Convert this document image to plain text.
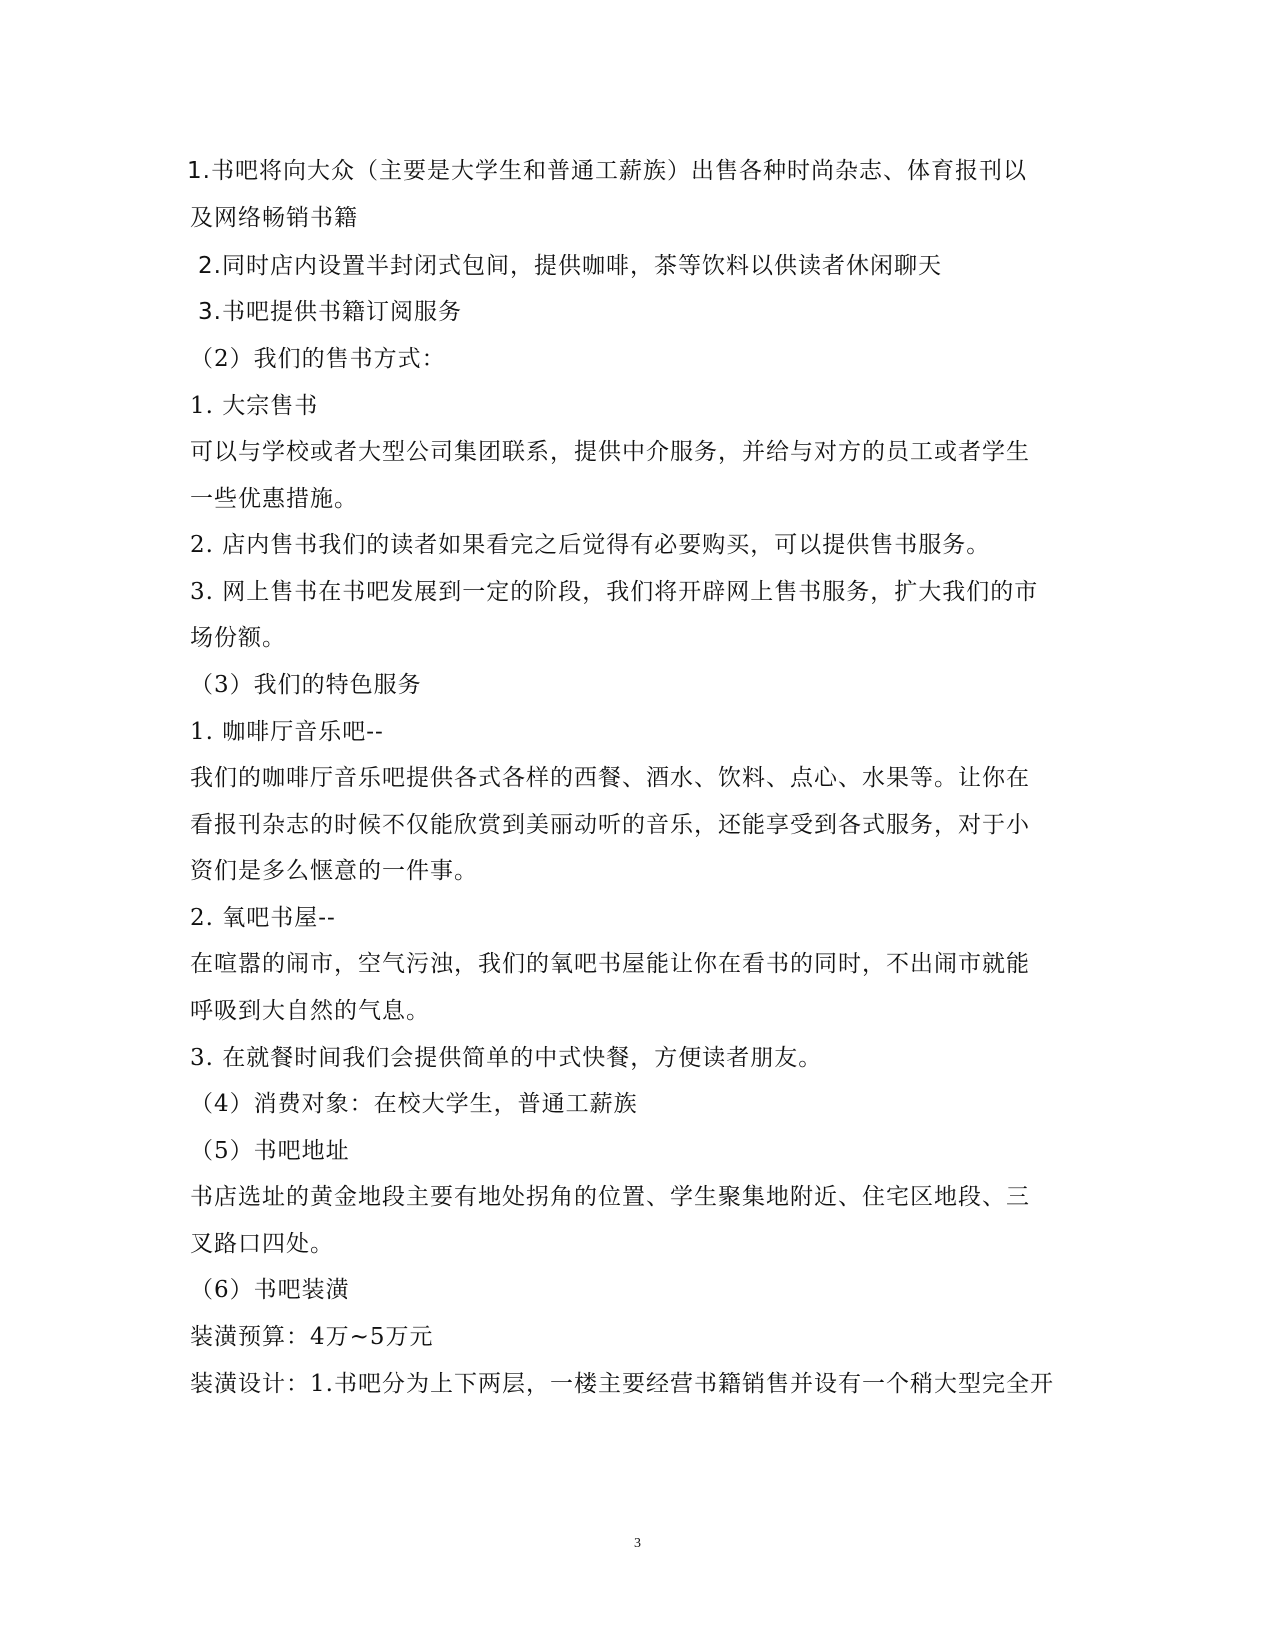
1.书吧将向大众（主要是大学生和普通工薪族）出售各种时尚杂志、体育报刊以
及网络畅销书籍
2.同时店内设置半封闭式包间，提供咖啡，茶等饮料以供读者休闲聊天
3.书吧提供书籍订阅服务
（2）我们的售书方式：
1. 大宗售书
可以与学校或者大型公司集团联系，提供中介服务，并给与对方的员工或者学生
一些优惠措施。
2. 店内售书我们的读者如果看完之后觉得有必要购买，可以提供售书服务。
3. 网上售书在书吧发展到一定的阶段，我们将开辟网上售书服务，扩大我们的市
场份额。
（3）我们的特色服务
1. 咖啡厅音乐吧--
我们的咖啡厅音乐吧提供各式各样的西餐、酒水、饮料、点心、水果等。让你在
看报刊杂志的时候不仅能欣赏到美丽动听的音乐，还能享受到各式服务，对于小
资们是多么惬意的一件事。
2. 氧吧书屋--
在喧嚣的闹市，空气污浊，我们的氧吧书屋能让你在看书的同时，不出闹市就能
呼吸到大自然的气息。
3. 在就餐时间我们会提供简单的中式快餐，方便读者朋友。
（4）消费对象：在校大学生，普通工薪族
（5）书吧地址
书店选址的黄金地段主要有地处拐角的位置、学生聚集地附近、住宅区地段、三
叉路口四处。
（6）书吧装潢
装潢预算：4万~5万元
装潢设计：1.书吧分为上下两层，一楼主要经营书籍销售并设有一个稍大型完全开
3
